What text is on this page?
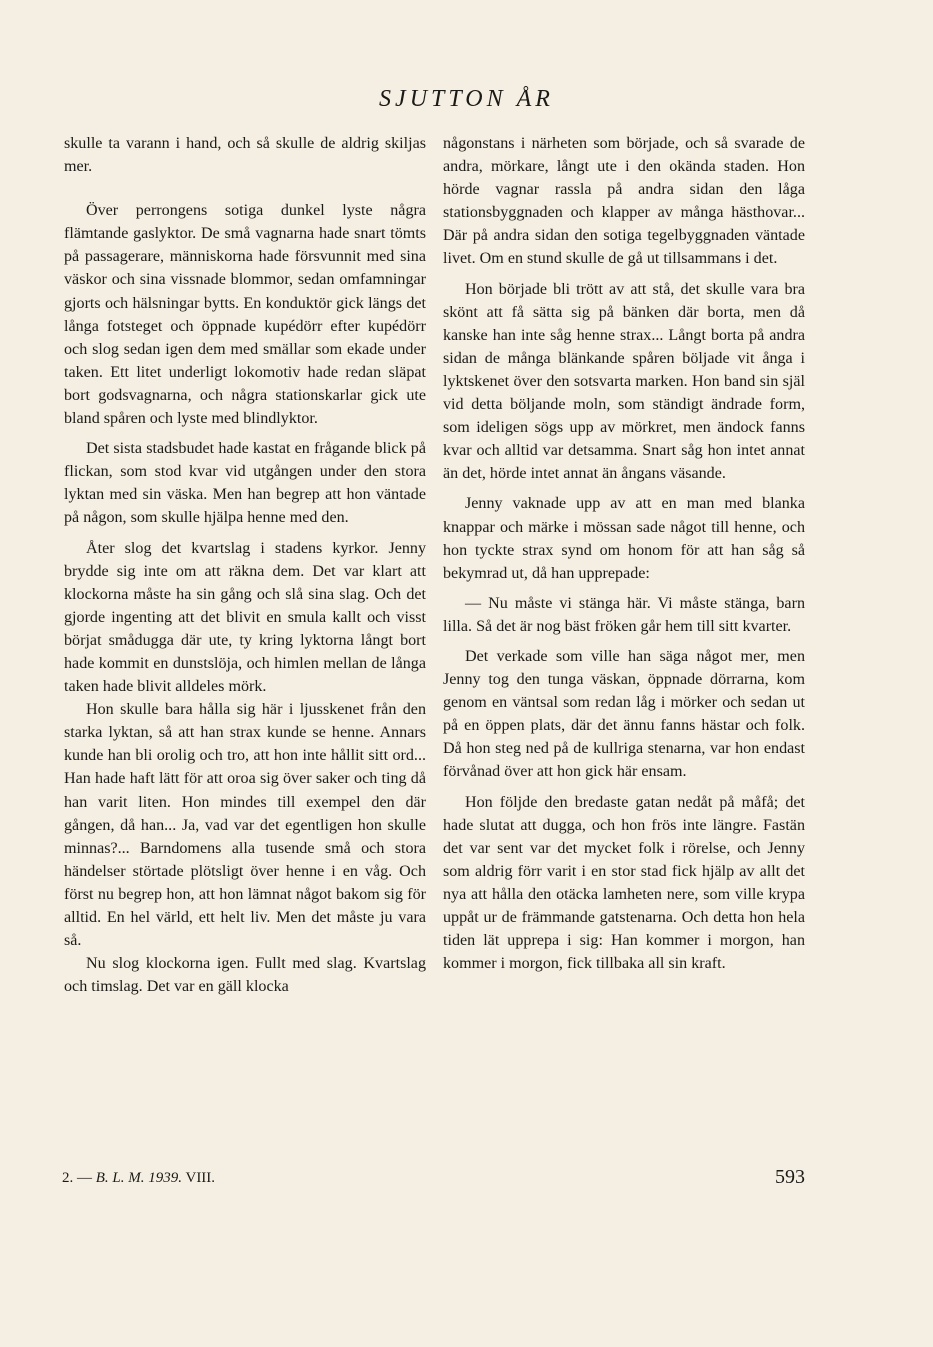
SJUTTON ÅR

skulle ta varann i hand, och så skulle de aldrig skiljas mer.

Över perrongens sotiga dunkel lyste några flämtande gaslyktor. De små vagnarna hade snart tömts på passagerare, människorna hade försvunnit med sina väskor och sina vissnade blommor, sedan omfamningar gjorts och hälsningar bytts. En konduktör gick längs det långa fotsteget och öppnade kupédörr efter kupédörr och slog sedan igen dem med smällar som ekade under taken. Ett litet underligt lokomotiv hade redan släpat bort godsvagnarna, och några stationskarlar gick ute bland spåren och lyste med blindlyktor.

Det sista stadsbudet hade kastat en frågande blick på flickan, som stod kvar vid utgången under den stora lyktan med sin väska. Men han begrep att hon väntade på någon, som skulle hjälpa henne med den.

Åter slog det kvartslag i stadens kyrkor. Jenny brydde sig inte om att räkna dem. Det var klart att klockorna måste ha sin gång och slå sina slag. Och det gjorde ingenting att det blivit en smula kallt och visst börjat smådugga där ute, ty kring lyktorna långt bort hade kommit en dunstslöja, och himlen mellan de långa taken hade blivit alldeles mörk.

Hon skulle bara hålla sig här i ljusskenet från den starka lyktan, så att han strax kunde se henne. Annars kunde han bli orolig och tro, att hon inte hållit sitt ord... Han hade haft lätt för att oroa sig över saker och ting då han varit liten. Hon mindes till exempel den där gången, då han... Ja, vad var det egentligen hon skulle minnas?... Barndomens alla tusende små och stora händelser störtade plötsligt över henne i en våg. Och först nu begrep hon, att hon lämnat något bakom sig för alltid. En hel värld, ett helt liv. Men det måste ju vara så.

Nu slog klockorna igen. Fullt med slag. Kvartslag och timslag. Det var en gäll klocka

någonstans i närheten som började, och så svarade de andra, mörkare, långt ute i den okända staden. Hon hörde vagnar rassla på andra sidan den låga stationsbyggnaden och klapper av många hästhovar... Där på andra sidan den sotiga tegelbyggnaden väntade livet. Om en stund skulle de gå ut tillsammans i det.

Hon började bli trött av att stå, det skulle vara bra skönt att få sätta sig på bänken där borta, men då kanske han inte såg henne strax... Långt borta på andra sidan de många blänkande spåren böljade vit ånga i lyktskenet över den sotsvarta marken. Hon band sin själ vid detta böljande moln, som ständigt ändrade form, som ideligen sögs upp av mörkret, men ändock fanns kvar och alltid var detsamma. Snart såg hon intet annat än det, hörde intet annat än ångans väsande.

Jenny vaknade upp av att en man med blanka knappar och märke i mössan sade något till henne, och hon tyckte strax synd om honom för att han såg så bekymrad ut, då han upprepade:

— Nu måste vi stänga här. Vi måste stänga, barn lilla. Så det är nog bäst fröken går hem till sitt kvarter.

Det verkade som ville han säga något mer, men Jenny tog den tunga väskan, öppnade dörrarna, kom genom en väntsal som redan låg i mörker och sedan ut på en öppen plats, där det ännu fanns hästar och folk. Då hon steg ned på de kullriga stenarna, var hon endast förvånad över att hon gick här ensam.

Hon följde den bredaste gatan nedåt på måfå; det hade slutat att dugga, och hon frös inte längre. Fastän det var sent var det mycket folk i rörelse, och Jenny som aldrig förr varit i en stor stad fick hjälp av allt det nya att hålla den otäcka lamheten nere, som ville krypa uppåt ur de främmande gatstenarna. Och detta hon hela tiden lät upprepa i sig: Han kommer i morgon, han kommer i morgon, fick tillbaka all sin kraft.

2. — B. L. M. 1939. VIII.	593
